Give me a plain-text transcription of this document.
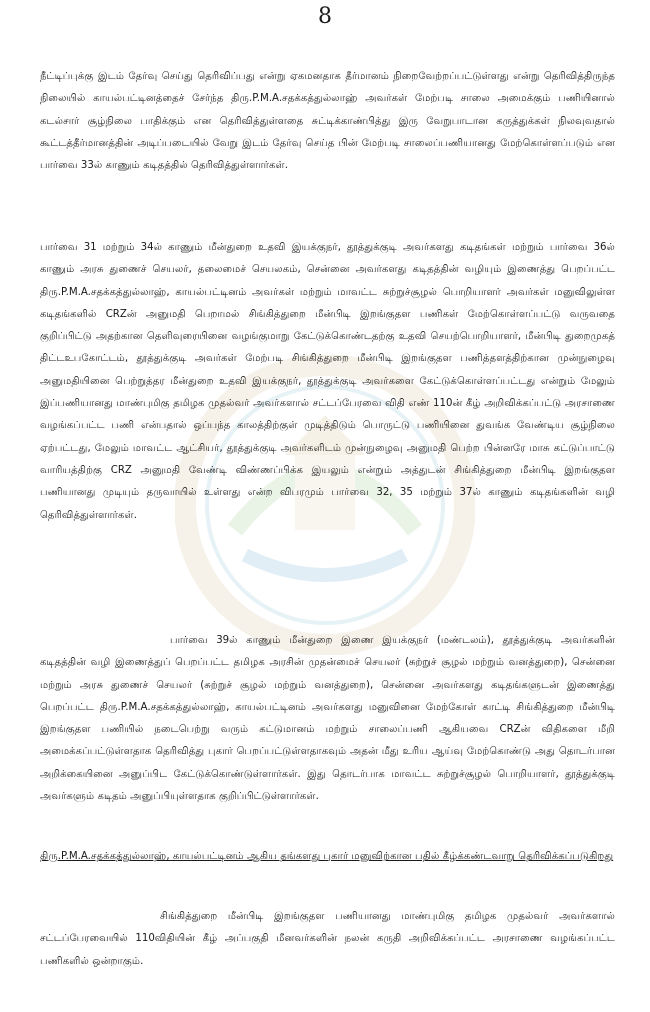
8
நீட்டிப்புக்கு இடம் தேர்வு செய்து தெரிவிப்பது என்று ஏகமனதாக தீர்மானம் நிறைவேற்றப்பட்டுள்ளது என்று தெரிவித்திருந்த நிலையில் காயல்பட்டினத்தைச் சேர்ந்த திரு.P.M.A.சதக்கத்துல்லாஹ் அவர்கள் மேற்படி சாலை அமைக்கும் பணியினால் கடல்சார் சூழ்நிலை பாதிக்கும் என தெரிவித்துள்ளதை சுட்டிக்காண்பித்து இரு வேறுபாடான கருத்துக்கள் நிலவுவதால் கூட்டத்தீர்மானத்தின் அடிப்படையில் வேறு இடம் தேர்வு செய்த பின் மேற்படி சாலைப்பணியானது மேற்கொள்ளப்படும் என பார்வை 33ல் காணும் கடிதத்தில் தெரிவித்துள்ளார்கள்.
பார்வை 31 மற்றும் 34ல் காணும் மீன்துறை உதவி இயக்குநர், தூத்துக்குடி அவர்களது கடிதங்கள் மற்றும் பார்வை 36ல் காணும் அரசு துணைச் செயலர், தலைமைச் செயலகம், சென்னை அவர்களது கடிதத்தின் வழியும் இணைத்து பெறப்பட்ட திரு.P.M.A.சதக்கத்துல்லாஹ், காயல்பட்டினம் அவர்கள் மற்றும் மாவட்ட சுற்றுச்சூழல் பொறியாளர் அவர்கள் மனுவிலுள்ள கடிதங்களில் CRZன் அனுமதி பெறாமல் சிங்கித்துறை மீன்பிடி இறங்குதள பணிகள் மேற்கொள்ளப்பட்டு வருவதை குறிப்பிட்டு அதற்கான தெளிவுரையினை வழங்குமாறு கேட்டுக்கொண்டதற்கு உதவி செயற்பொறியாளர், மீன்பிடி துறைமுகத் திட்டஉபகோட்டம், தூத்துக்குடி அவர்கள் மேற்படி சிங்கித்துறை மீன்பிடி இறங்குதள பணித்தளத்திற்கான முன்நுழைவு அனுமதியினை பெற்றுத்தர மீன்துறை உதவி இயக்குநர், தூத்துக்குடி அவர்களை கேட்டுக்கொள்ளப்பட்டது என்றும் மேலும் இப்பணியானது மாண்புமிகு தமிழக முதல்வர் அவர்களால் சட்டப்பேரவை விதி எண் 110ன் கீழ் அறிவிக்கப்பட்டு அரசாணை வழங்கப்பட்ட பணி என்பதால் ஒப்பந்த காலத்திற்குள் முடித்திடும் பொருட்டு பணியினை துவங்க வேண்டிய சூழ்நிலை ஏற்பட்டது, மேலும் மாவட்ட ஆட்சியர், தூத்துக்குடி அவர்களிடம் முன்நுழைவு அனுமதி பெற்ற பின்னரே மாசு கட்டுப்பாட்டு வாரியத்திற்கு CRZ அனுமதி வேண்டி விண்ணப்பிக்க இயலும் என்றும் அத்துடன் சிங்கித்துறை மீன்பிடி இறங்குதள பணியானது முடியும் தருவாயில் உள்ளது என்ற விபரமும் பார்வை 32, 35 மற்றும் 37ல் காணும் கடிதங்களின் வழி தெரிவித்துள்ளார்கள்.
பார்வை 39ல் காணும் மீன்துறை இணை இயக்குநர் (மண்டலம்), தூத்துக்குடி அவர்களின் கடிதத்தின் வழி இணைத்துப் பெறப்பட்ட தமிழக அரசின் முதன்மைச் செயலர் (சுற்றுச் சூழல் மற்றும் வனத்துறை), சென்னை மற்றும் அரசு துணைச் செயலர் (சுற்றுச் சூழல் மற்றும் வனத்துறை), சென்னை அவர்களது கடிதங்களுடன் இணைத்து பெறப்பட்ட திரு.P.M.A.சதக்கத்துல்லாஹ், காயல்பட்டினம் அவர்களது மனுவினை மேற்கோள் காட்டி சிங்கித்துறை மீன்பிடி இறங்குதள பணியில் நடைபெற்று வரும் கட்டுமானம் மற்றும் சாலைப்பணி ஆகியவை CRZன் விதிகளை மீறி அமைக்கப்பட்டுள்ளதாக தெரிவித்து புகார் பெறப்பட்டுள்ளதாகவும் அதன் மீது உரிய ஆய்வு மேற்கொண்டு அது தொடர்பான அறிக்கையினை அனுப்பிட கேட்டுக்கொண்டுள்ளார்கள். இது தொடர்பாக மாவட்ட சுற்றுச்சூழல் பொறியாளர், தூத்துக்குடி அவர்களும் கடிதம் அனுப்பியுள்ளதாக குறிப்பிட்டுள்ளார்கள்.
திரு.P.M.A.சதக்கத்துல்லாஹ், காயல்பட்டினம் ஆகிய தங்களது புகார் மனுவிற்கான பதில் கீழ்க்கண்டவாறு தெரிவிக்கப்படுகிறது
சிங்கித்துறை மீன்பிடி இறங்குதள பணியானது மாண்புமிகு தமிழக முதல்வர் அவர்களால் சட்டப்பேரவையில் 110விதியின் கீழ் அப்பகுதி மீனவர்களின் நலன் கருதி அறிவிக்கப்பட்ட அரசாணை வழங்கப்பட்ட பணிகளில் ஒன்றாகும்.
